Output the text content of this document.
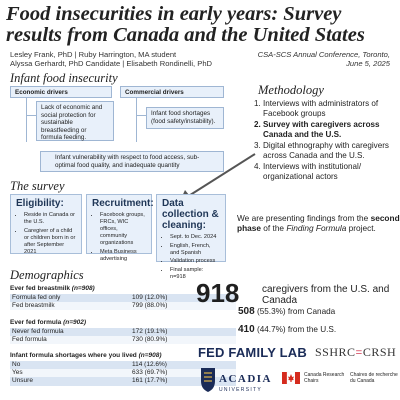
Food insecurities in early years: Survey results from Canada and the United States
Lesley Frank, PhD | Ruby Harrington, MA student
Alyssa Gerhardt, PhD Candidate | Elisabeth Rondinelli, PhD
CSA-SCS Annual Conference, Toronto,
June 5, 2025
Infant food insecurity
Economic drivers	Commercial drivers
Lack of economic and social protection for sustainable breastfeeding or formula feeding.
Infant food shortages (food safety/instability).
Infant vulnerability with respect to food access, sub-optimal food quality, and inadequate quantity
Methodology
1. Interviews with administrators of Facebook groups
2. Survey with caregivers across Canada and the U.S.
3. Digital ethnography with caregivers across Canada and the U.S.
4. Interviews with institutional/ organizational actors
The survey
Eligibility:
• Reside in Canada or the U.S.
• Caregiver of a child or children born in or after September 2021
Recruitment:
• Facebook groups, FRCs, WIC offices, community organizations
• Meta Business advertising
Data collection & cleaning:
• Sept. to Dec. 2024
• English, French, and Spanish
• Validation process
• Final sample: n=918
We are presenting findings from the second phase of the Finding Formula project.
Demographics
Ever fed breastmilk (n=908)
Formula fed only	109 (12.0%)
Fed breastmilk	799 (88.0%)
Ever fed formula (n=902)
Never fed formula	172 (19.1%)
Fed formula	730 (80.9%)
Infant formula shortages where you lived (n=908)
No	114 (12.6%)
Yes	633 (69.7%)
Unsure	161 (17.7%)
918 caregivers from the U.S. and Canada
508 (55.3%) from Canada
410 (44.7%) from the U.S.
FED FAMILY LAB SSHRC=CRSH
ACADIA
UNIVERSITY
Canada Research
Chairs
Chaires de recherche
du Canada
